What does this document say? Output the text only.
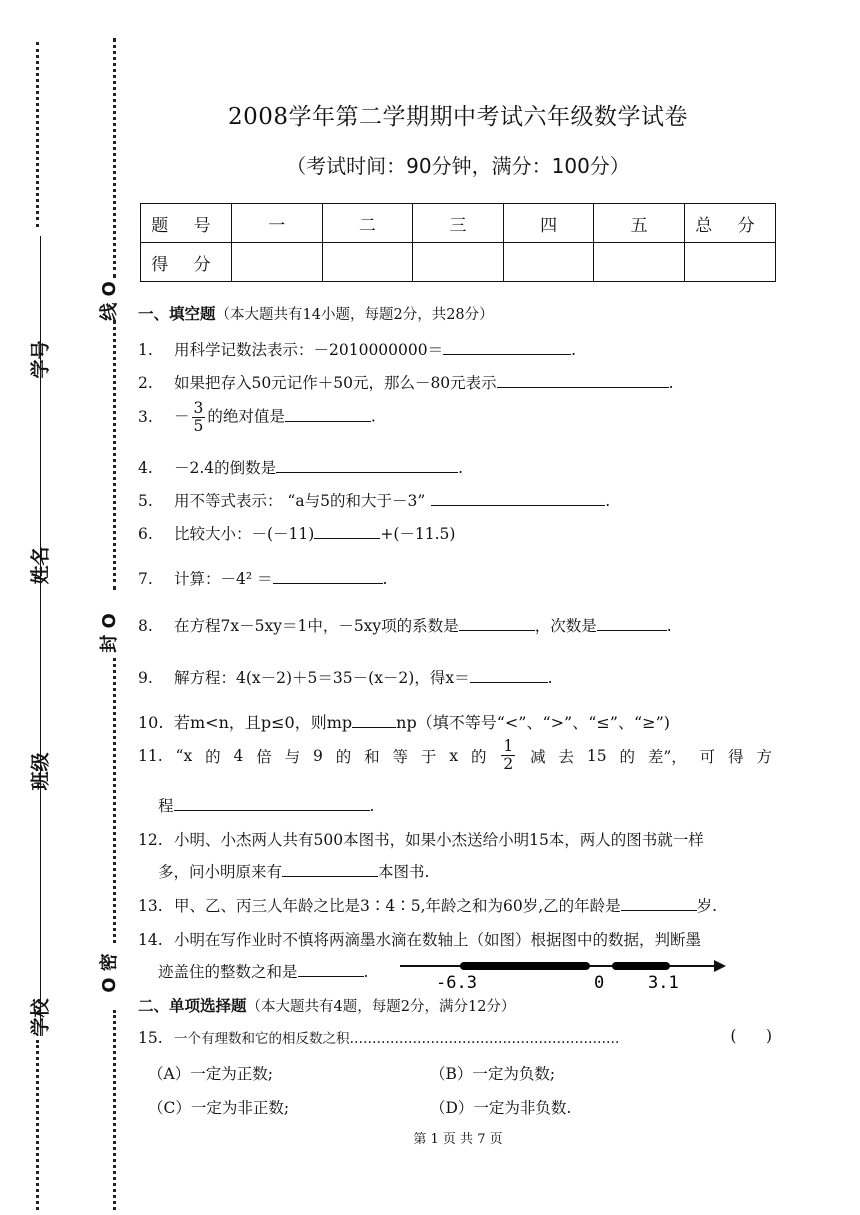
学号
姓名
班级
学校
线 O
封 O
O 密
2008学年第二学期期中考试六年级数学试卷
（考试时间：90分钟，满分：100分）
题 号	一	二	三	四	五	总 分
得 分						
一、填空题（本大题共有14小题，每题2分，共28分）
1. 用科学记数法表示：－2010000000＝	.
2. 如果把存入50元记作＋50元，那么－80元表示	.
3. － $\frac{3}{5}$ 的绝对值是	.
4. －2.4的倒数是	.
5. 用不等式表示： “a与5的和大于－3”	.
6. 比较大小：－(－11)	+(－11.5)
7. 计算：－4² ＝	.
8. 在方程7x－5xy＝1中，－5xy项的系数是	，次数是	.
9. 解方程：4(x－2)＋5＝35－(x－2)，得x＝	.
10. 若m<n，且p≤0，则mp	np（填不等号“<”、“>”、“≤”、“≥”)
11. “x 的 4 倍 与 9 的 和 等 于 x 的 $\frac{1}{2}$ 减 去 15 的 差”， 可 得 方
程	.
12. 小明、小杰两人共有500本图书，如果小杰送给小明15本，两人的图书就一样
多，问小明原来有	本图书.
13. 甲、乙、丙三人年龄之比是3∶4∶5,年龄之和为60岁,乙的年龄是	岁.
14. 小明在写作业时不慎将两滴墨水滴在数轴上（如图）根据图中的数据，判断墨
迹盖住的整数之和是	.
-6.3	0	3.1
二、单项选择题（本大题共有4题，每题2分，满分12分）
15. 一个有理数和它的相反数之积……………………………………………………	(      )
（A）一定为正数;	（B）一定为负数;
（C）一定为非正数;	（D）一定为非负数.
第 1 页 共 7 页
